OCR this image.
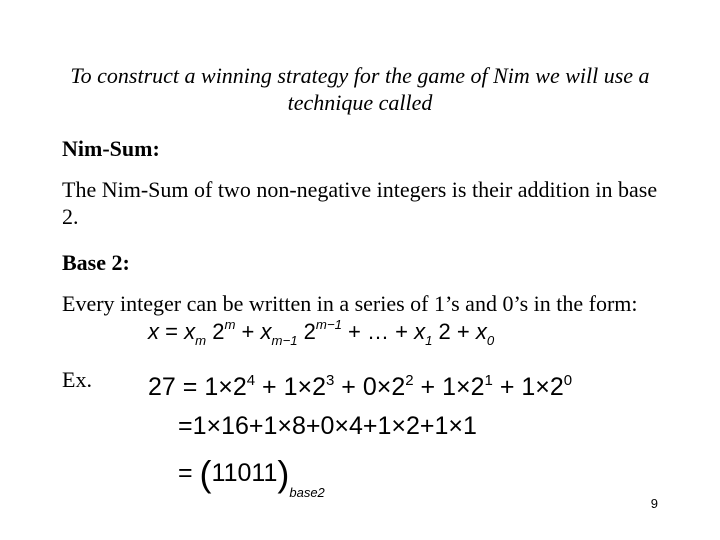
To construct a winning strategy for the game of Nim we will use a technique called
Nim-Sum:
The Nim-Sum of two non-negative integers is their addition in base 2.
Base 2:
Every integer can be written in a series of 1’s and 0’s in the form:
$x = x_m$ $2^m + x_{m-1}$ $2^{m-1}$ + … + $x_1$ $2 + x_0$
Ex.	$27 = 1\times 2^4 + 1\times 2^3 + 0\times 2^2 + 1\times 2^1 + 1\times 2^0$
=1×16+1×8+0×4+1×2+1×1
= $(11011)_{base2}$
9
